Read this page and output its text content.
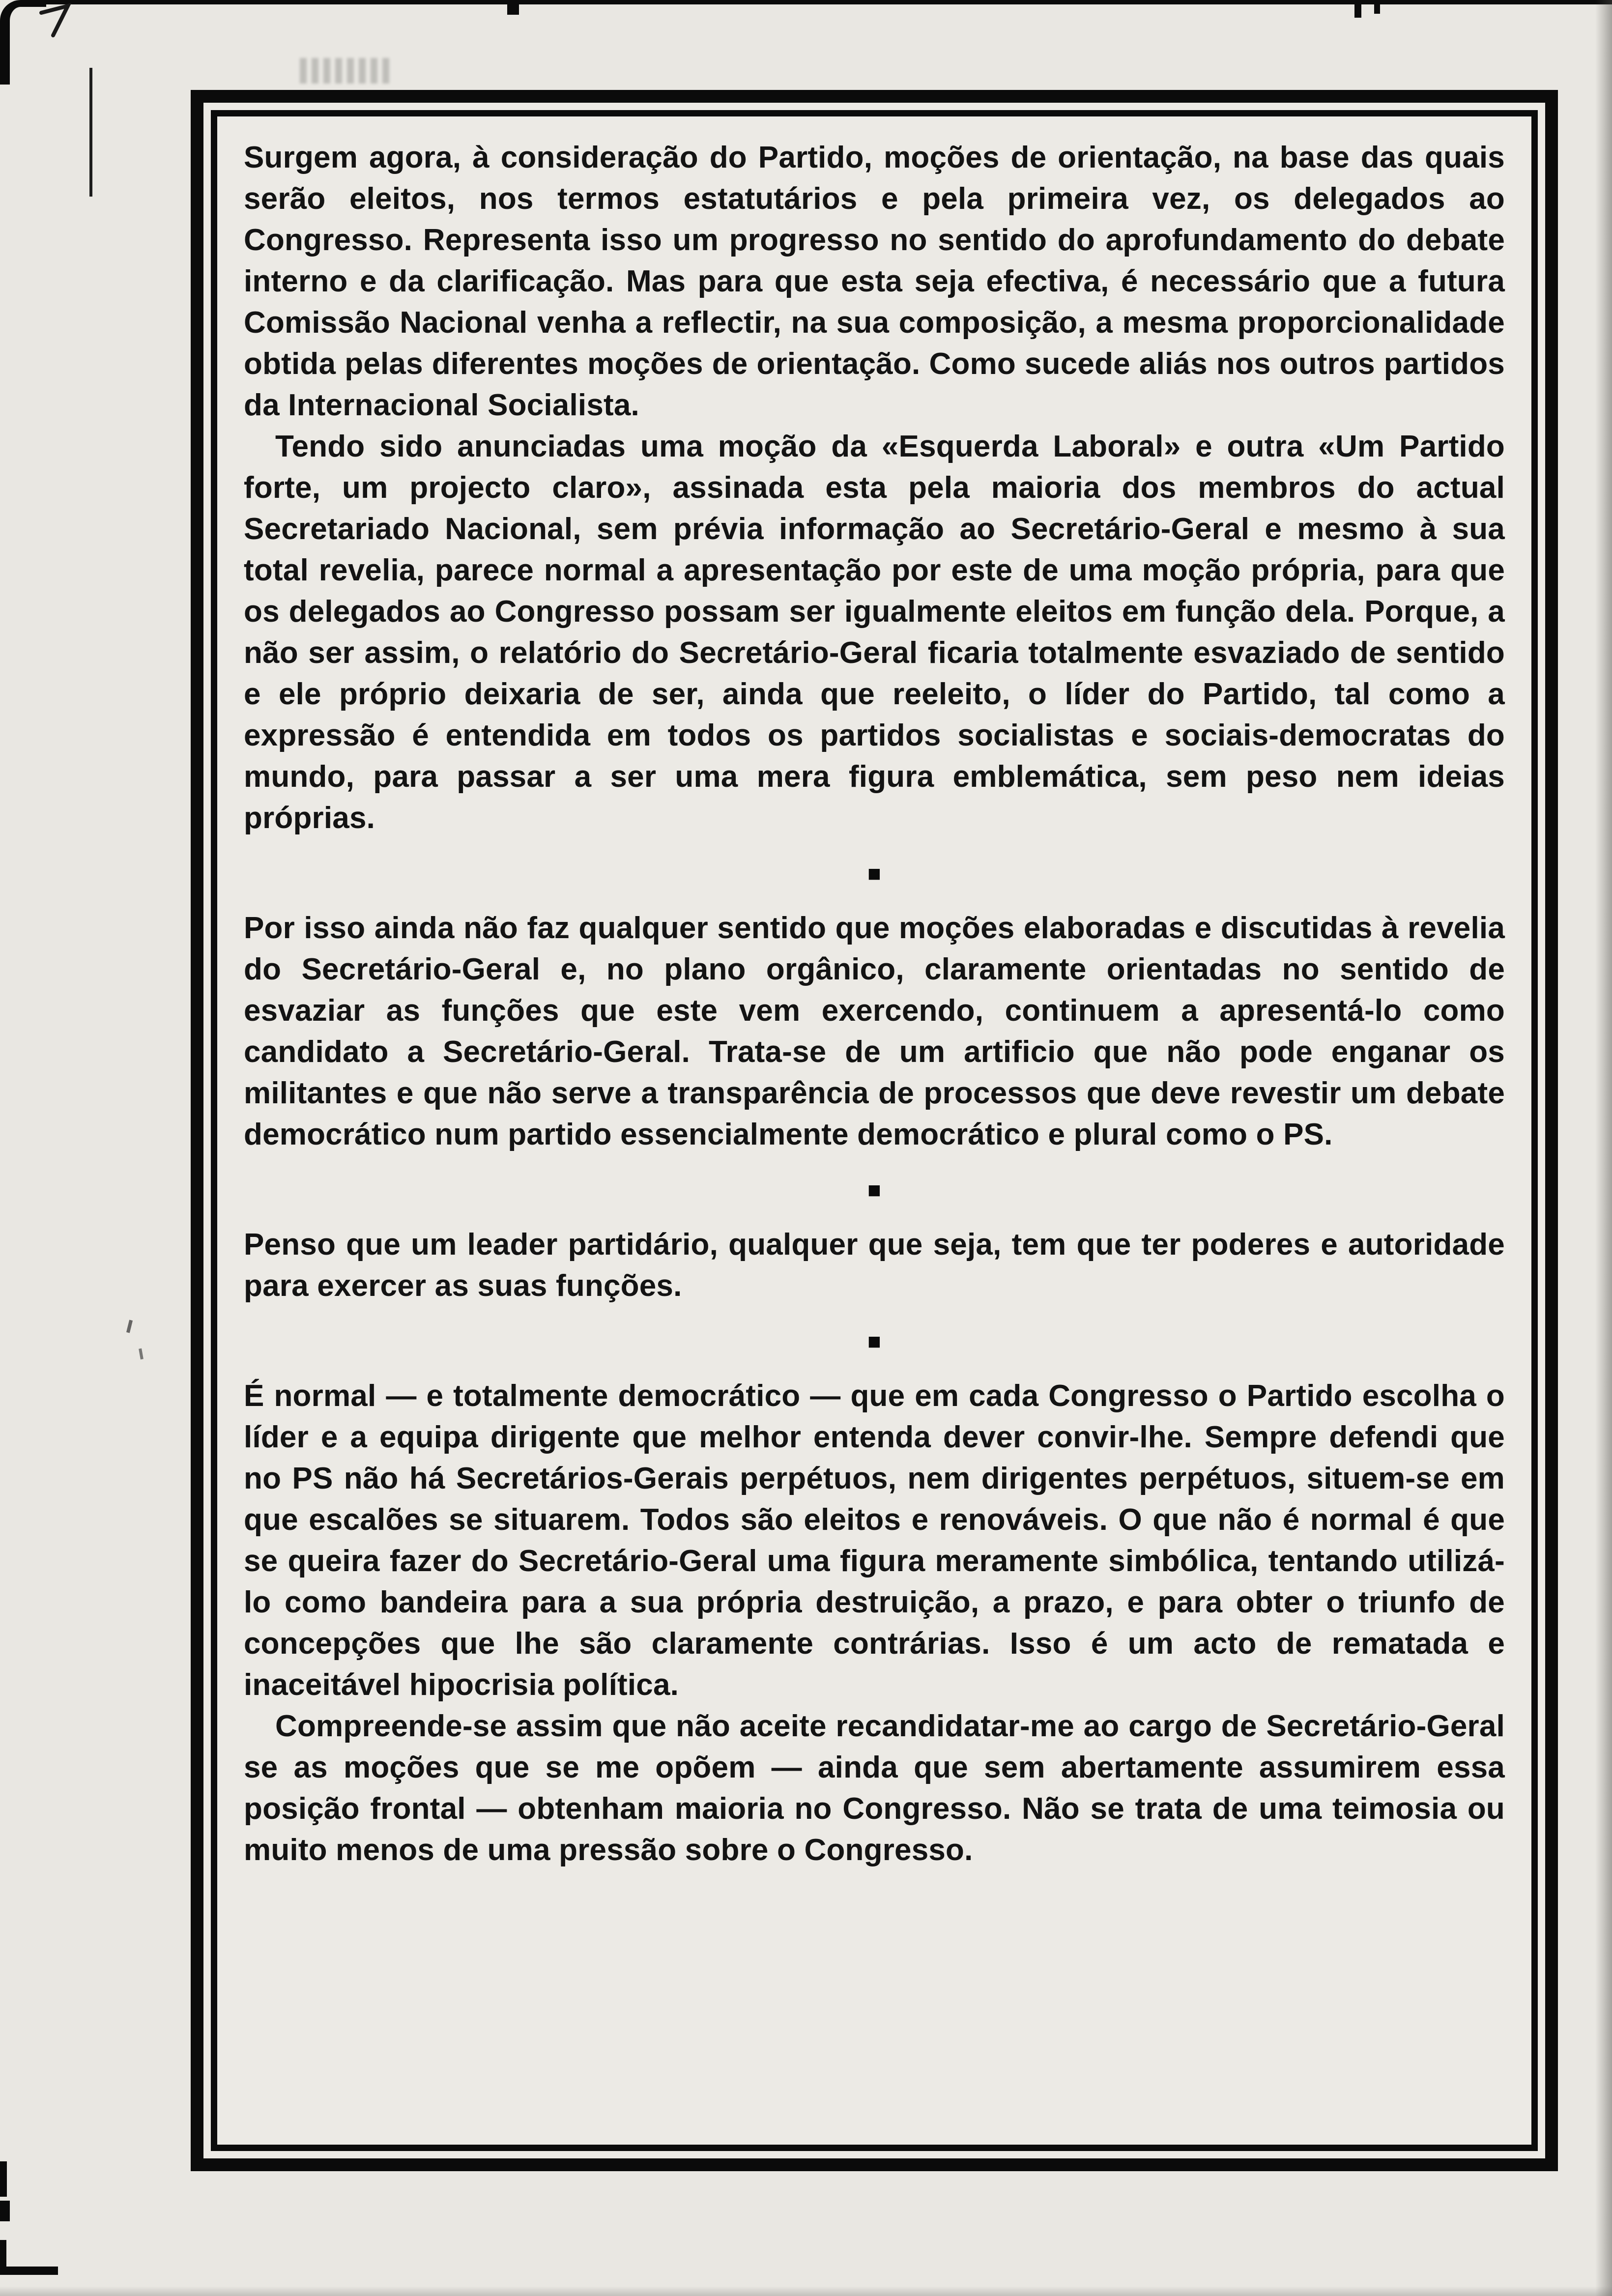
Surgem agora, à consideração do Partido, moções de orientação, na base das quais serão eleitos, nos termos estatutários e pela primeira vez, os delegados ao Congresso. Representa isso um progresso no sentido do aprofundamento do debate interno e da clarificação. Mas para que esta seja efectiva, é necessário que a futura Comissão Nacional venha a reflectir, na sua composição, a mesma proporcionalidade obtida pelas diferentes moções de orientação. Como sucede aliás nos outros partidos da Internacional Socialista.

Tendo sido anunciadas uma moção da «Esquerda Laboral» e outra «Um Partido forte, um projecto claro», assinada esta pela maioria dos membros do actual Secretariado Nacional, sem prévia informação ao Secretário-Geral e mesmo à sua total revelia, parece normal a apresentação por este de uma moção própria, para que os delegados ao Congresso possam ser igualmente eleitos em função dela. Porque, a não ser assim, o relatório do Secretário-Geral ficaria totalmente esvaziado de sentido e ele próprio deixaria de ser, ainda que reeleito, o líder do Partido, tal como a expressão é entendida em todos os partidos socialistas e sociais-democratas do mundo, para passar a ser uma mera figura emblemática, sem peso nem ideias próprias.

■

Por isso ainda não faz qualquer sentido que moções elaboradas e discutidas à revelia do Secretário-Geral e, no plano orgânico, claramente orientadas no sentido de esvaziar as funções que este vem exercendo, continuem a apresentá-lo como candidato a Secretário-Geral. Trata-se de um artificio que não pode enganar os militantes e que não serve a transparência de processos que deve revestir um debate democrático num partido essencialmente democrático e plural como o PS.

■

Penso que um leader partidário, qualquer que seja, tem que ter poderes e autoridade para exercer as suas funções.

■

É normal — e totalmente democrático — que em cada Congresso o Partido escolha o líder e a equipa dirigente que melhor entenda dever convir-lhe. Sempre defendi que no PS não há Secretários-Gerais perpétuos, nem dirigentes perpétuos, situem-se em que escalões se situarem. Todos são eleitos e renováveis. O que não é normal é que se queira fazer do Secretário-Geral uma figura meramente simbólica, tentando utilizá-lo como bandeira para a sua própria destruição, a prazo, e para obter o triunfo de concepções que lhe são claramente contrárias. Isso é um acto de rematada e inaceitável hipocrisia política.

Compreende-se assim que não aceite recandidatar-me ao cargo de Secretário-Geral se as moções que se me opõem — ainda que sem abertamente assumirem essa posição frontal — obtenham maioria no Congresso. Não se trata de uma teimosia ou muito menos de uma pressão sobre o Congresso.
